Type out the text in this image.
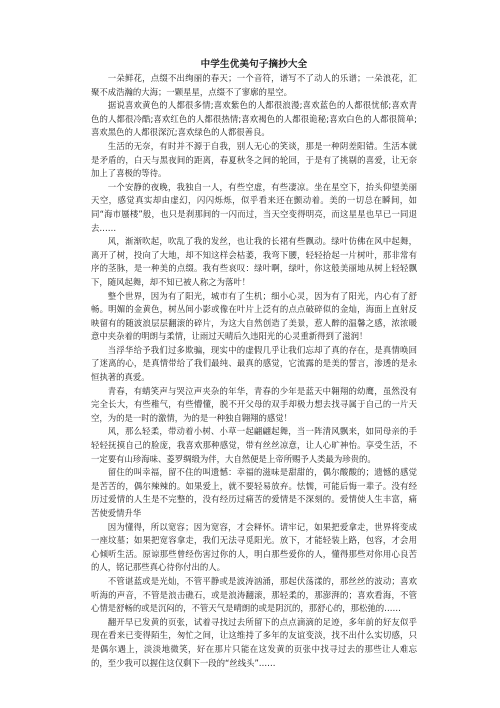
中学生优美句子摘抄大全

一朵鲜花，点缀不出绚丽的春天；一个音符，谱写不了动人的乐谱；一朵浪花，汇聚不成浩瀚的大海；一颗星星，点缀不了寥廓的星空。

据说喜欢黄色的人都很多情;喜欢紫色的人都很浪漫;喜欢蓝色的人都很忧郁;喜欢青色的人都很冷酷;喜欢红色的人都很热情;喜欢褐色的人都很诡秘;喜欢白色的人都很简单;喜欢黑色的人都很深沉;喜欢绿色的人都很善良。

生活的无奈，有时并不源于自我，别人无心的笑谈，那是一种阴差阳错。生活本就是矛盾的，白天与黑夜间的距离，春夏秋冬之间的轮回，于是有了挑剔的喜爱，让无奈加上了喜极的等待。

一个安静的夜晚，我独自一人，有些空虚，有些凄凉。坐在星空下，抬头仰望美丽天空，感觉真实却由虚幻，闪闪烁烁，似乎看来还在颤动着。美的一切总在瞬间，如同“海市蜃楼”般，也只是刹那间的一闪而过，当天空变得明亮，而这星星也早已一同退去……

风，渐渐吹起，吹乱了我的发丝，也让我的长裙有些飘动。绿叶仿佛在风中起舞，离开了树，投向了大地，却不知这样会枯萎，我弯下腰，轻轻拾起一片树叶，那非常有序的茎脉，是一种美的点缀。我有些哀叹：绿叶啊，绿叶，你这般美丽地从树上轻轻飘下，随风起舞，却不知已被人称之为落叶！

整个世界，因为有了阳光，城市有了生机；细小心灵，因为有了阳光，内心有了舒畅。明媚的金黄色，树丛间小影或像在叶片上泛有的点点破碎似的金灿，海面上直射反映留有的随波浪层层翻滚的碎片，为这大自然创造了美景，惹人醉的温馨之感，浓浓暖意中夹杂着的明朗与柔情，让雨过天晴后久违阳光的心灵重新得到了滋润！

当浮华给予我们过多欺骗，现实中的虚假几乎让我们忘却了真的存在，是真情唤回了迷离的心，是真情带给了我们最纯、最真的感觉，它流露的是美的誓言，渗透的是永恒执著的真爱。

青春，有蜻笑声与哭泣声夹杂的年华，青春的少年是蓝天中翱翔的幼鹰，虽然没有完全长大，有些稚气，有些懵懂，脱不开父母的双手却极力想去找寻属于自己的一片天空，为的是一时的激情，为的是一种独自翱翔的感觉！

风，那么轻柔，带动着小树、小草一起翩翩起舞，当一阵清风飘来，如同母亲的手轻轻抚摸自己的脸庞，我喜欢那种感觉，带有丝丝凉意，让人心旷神怡。享受生活，不一定要有山珍海味、菱罗绸缎为伴，大自然便是上帝所赐予人类最为珍贵的。

留住的叫幸福，留不住的叫遗憾：幸福的滋味是甜甜的，偶尔酸酸的；遗憾的感觉是苦苦的，偶尔辣辣的。如果爱上，就不要轻易放弃。怯懦，可能后悔一辈子。没有经历过爱情的人生是不完整的，没有经历过痛苦的爱情是不深刻的。爱情使人生丰富，痛苦使爱情升华

因为懂得，所以宽容；因为宽容，才会释怀。请牢记，如果把爱拿走，世界将变成一座坟墓；如果把宽容拿走，我们无法寻觅阳光。放下，才能轻装上路，包容，才会用心倾听生活。原谅那些曾经伤害过你的人，明白那些爱你的人，懂得那些对你用心良苦的人，铭记那些真心待你付出的人。

不管谌蓝或是光灿，不管平静或是波涛汹涌，那起伏荡漾的，那丝丝的波动；喜欢听海的声音，不管是浪击礁石，或是浪涛翻滚，那轻柔的，那澎湃的；喜欢看海，不管心情是舒畅的或是沉闷的，不管天气是晴朗的或是阴沉的，那舒心的，那松弛的……

翻开早已发黄的页张，试着寻找过去所留下的点点滴滴的足迹，多年前的好友似乎现在看来已变得陌生，匆忙之间，让这维持了多年的友谊变淡，找不出什么实切感，只是偶尔遇上，淡淡地微笑，好在那片只能在这发黄的页张中找寻过去的那些让人难忘的，至少我可以握住这仅剩下一段的“丝线头”……
